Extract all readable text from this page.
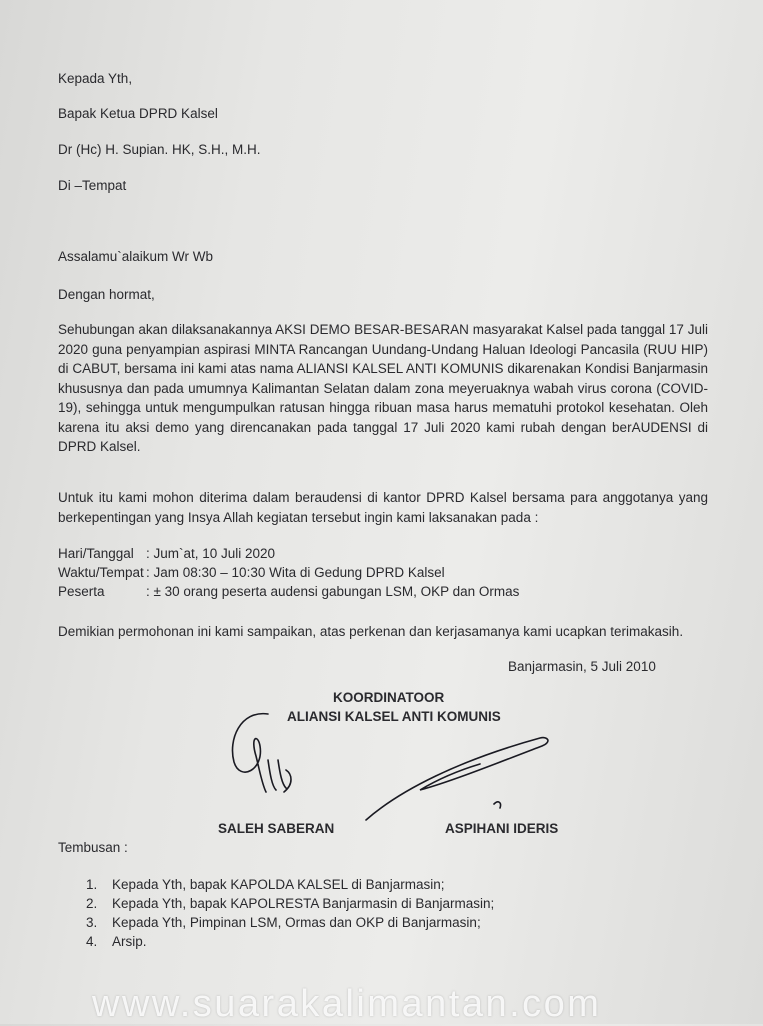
Kepada Yth,
Bapak Ketua DPRD Kalsel
Dr (Hc) H. Supian. HK, S.H., M.H.
Di –Tempat
Assalamu`alaikum Wr Wb
Dengan hormat,
Sehubungan akan dilaksanakannya AKSI DEMO BESAR-BESARAN masyarakat Kalsel pada tanggal 17 Juli 2020 guna penyampian aspirasi MINTA Rancangan Uundang-Undang Haluan Ideologi Pancasila (RUU HIP) di CABUT, bersama ini kami atas nama ALIANSI KALSEL ANTI KOMUNIS dikarenakan Kondisi Banjarmasin khususnya dan pada umumnya Kalimantan Selatan dalam zona meyeruaknya wabah virus corona (COVID-19), sehingga untuk mengumpulkan ratusan hingga ribuan masa harus mematuhi protokol kesehatan. Oleh karena itu aksi demo yang direncanakan pada tanggal 17 Juli 2020 kami rubah dengan berAUDENSI di DPRD Kalsel.
Untuk itu kami mohon diterima dalam beraudensi di kantor DPRD Kalsel bersama para anggotanya yang berkepentingan yang Insya Allah kegiatan tersebut ingin kami laksanakan pada :
Hari/Tanggal : Jum`at, 10 Juli 2020
Waktu/Tempat : Jam 08:30 – 10:30 Wita di Gedung DPRD Kalsel
Peserta	: ± 30 orang peserta audensi gabungan LSM, OKP dan Ormas
Demikian permohonan ini kami sampaikan, atas perkenan dan kerjasamanya kami ucapkan terimakasih.
Banjarmasin, 5 Juli 2010
KOORDINATOOR
ALIANSI KALSEL ANTI KOMUNIS
SALEH SABERAN	ASPIHANI IDERIS
Tembusan :
1. Kepada Yth, bapak KAPOLDA KALSEL di Banjarmasin;
2. Kepada Yth, bapak KAPOLRESTA Banjarmasin di Banjarmasin;
3. Kepada Yth, Pimpinan LSM, Ormas dan OKP di Banjarmasin;
4. Arsip.
www.suarakalimantan.com
